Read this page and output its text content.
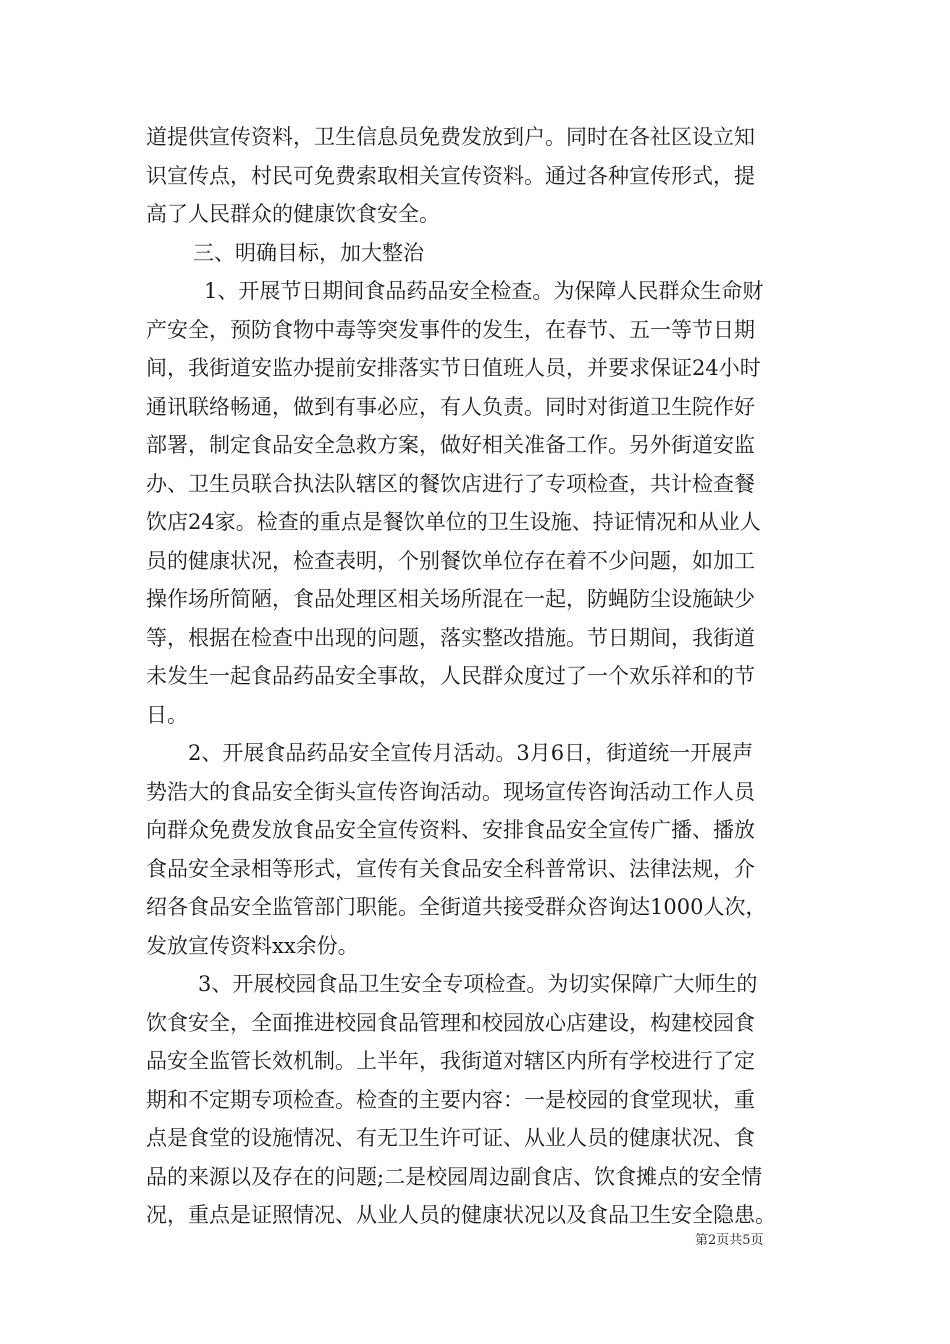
道提供宣传资料，卫生信息员免费发放到户。同时在各社区设立知
识宣传点，村民可免费索取相关宣传资料。通过各种宣传形式，提
高了人民群众的健康饮食安全。
三、明确目标，加大整治
1、开展节日期间食品药品安全检查。为保障人民群众生命财
产安全，预防食物中毒等突发事件的发生，在春节、五一等节日期
间，我街道安监办提前安排落实节日值班人员，并要求保证24小时
通讯联络畅通，做到有事必应，有人负责。同时对街道卫生院作好
部署，制定食品安全急救方案，做好相关准备工作。另外街道安监
办、卫生员联合执法队辖区的餐饮店进行了专项检查，共计检查餐
饮店24家。检查的重点是餐饮单位的卫生设施、持证情况和从业人
员的健康状况，检查表明，个别餐饮单位存在着不少问题，如加工
操作场所简陋，食品处理区相关场所混在一起，防蝇防尘设施缺少
等，根据在检查中出现的问题，落实整改措施。节日期间，我街道
未发生一起食品药品安全事故，人民群众度过了一个欢乐祥和的节
日。
2、开展食品药品安全宣传月活动。3月6日，街道统一开展声
势浩大的食品安全街头宣传咨询活动。现场宣传咨询活动工作人员
向群众免费发放食品安全宣传资料、安排食品安全宣传广播、播放
食品安全录相等形式，宣传有关食品安全科普常识、法律法规，介
绍各食品安全监管部门职能。全街道共接受群众咨询达1000人次，
发放宣传资料xx余份。
3、开展校园食品卫生安全专项检查。为切实保障广大师生的
饮食安全，全面推进校园食品管理和校园放心店建设，构建校园食
品安全监管长效机制。上半年，我街道对辖区内所有学校进行了定
期和不定期专项检查。检查的主要内容：一是校园的食堂现状，重
点是食堂的设施情况、有无卫生许可证、从业人员的健康状况、食
品的来源以及存在的问题;二是校园周边副食店、饮食摊点的安全情
况，重点是证照情况、从业人员的健康状况以及食品卫生安全隐患。
第2页共5页
